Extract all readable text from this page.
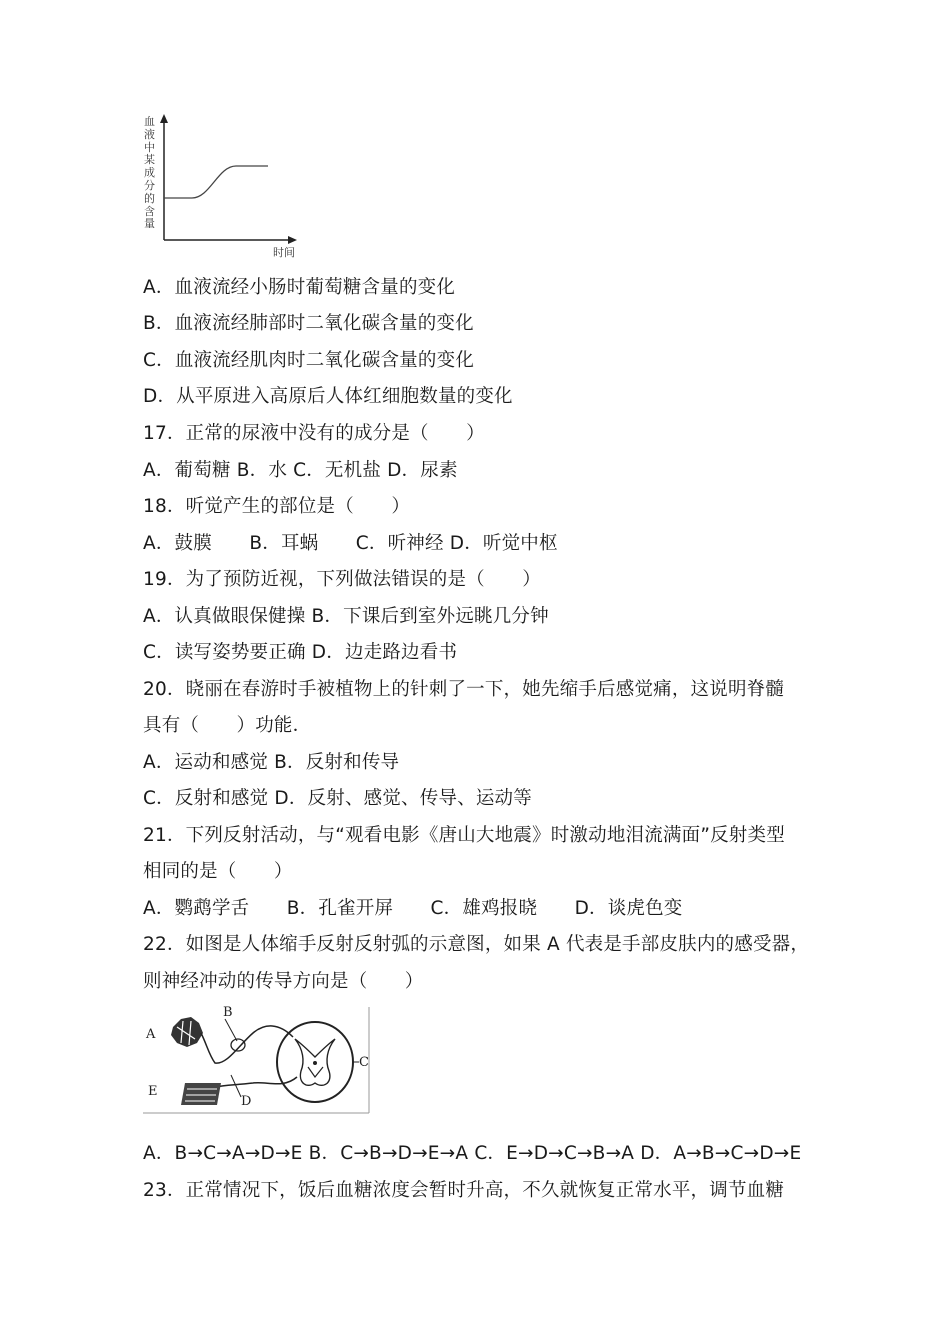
血液中某成分的含量
时间
A．血液流经小肠时葡萄糖含量的变化
B．血液流经肺部时二氧化碳含量的变化
C．血液流经肌肉时二氧化碳含量的变化
D．从平原进入高原后人体红细胞数量的变化
17．正常的尿液中没有的成分是（　　）
A．葡萄糖 B．水 C．无机盐 D．尿素
18．听觉产生的部位是（　　）
A．鼓膜　　B．耳蜗　　C．听神经 D．听觉中枢
19．为了预防近视，下列做法错误的是（　　）
A．认真做眼保健操 B．下课后到室外远眺几分钟
C．读写姿势要正确 D．边走路边看书
20．晓丽在春游时手被植物上的针刺了一下，她先缩手后感觉痛，这说明脊髓
具有（　　）功能．
A．运动和感觉 B．反射和传导
C．反射和感觉 D．反射、感觉、传导、运动等
21．下列反射活动，与“观看电影《唐山大地震》时激动地泪流满面”反射类型
相同的是（　　）
A．鹦鹉学舌　　B．孔雀开屏　　C．雄鸡报晓　　D．谈虎色变
22．如图是人体缩手反射反射弧的示意图，如果 A 代表是手部皮肤内的感受器，
则神经冲动的传导方向是（　　）
A
B
C
D
E
A．B→C→A→D→E B．C→B→D→E→A C．E→D→C→B→A D．A→B→C→D→E
23．正常情况下，饭后血糖浓度会暂时升高，不久就恢复正常水平，调节血糖
